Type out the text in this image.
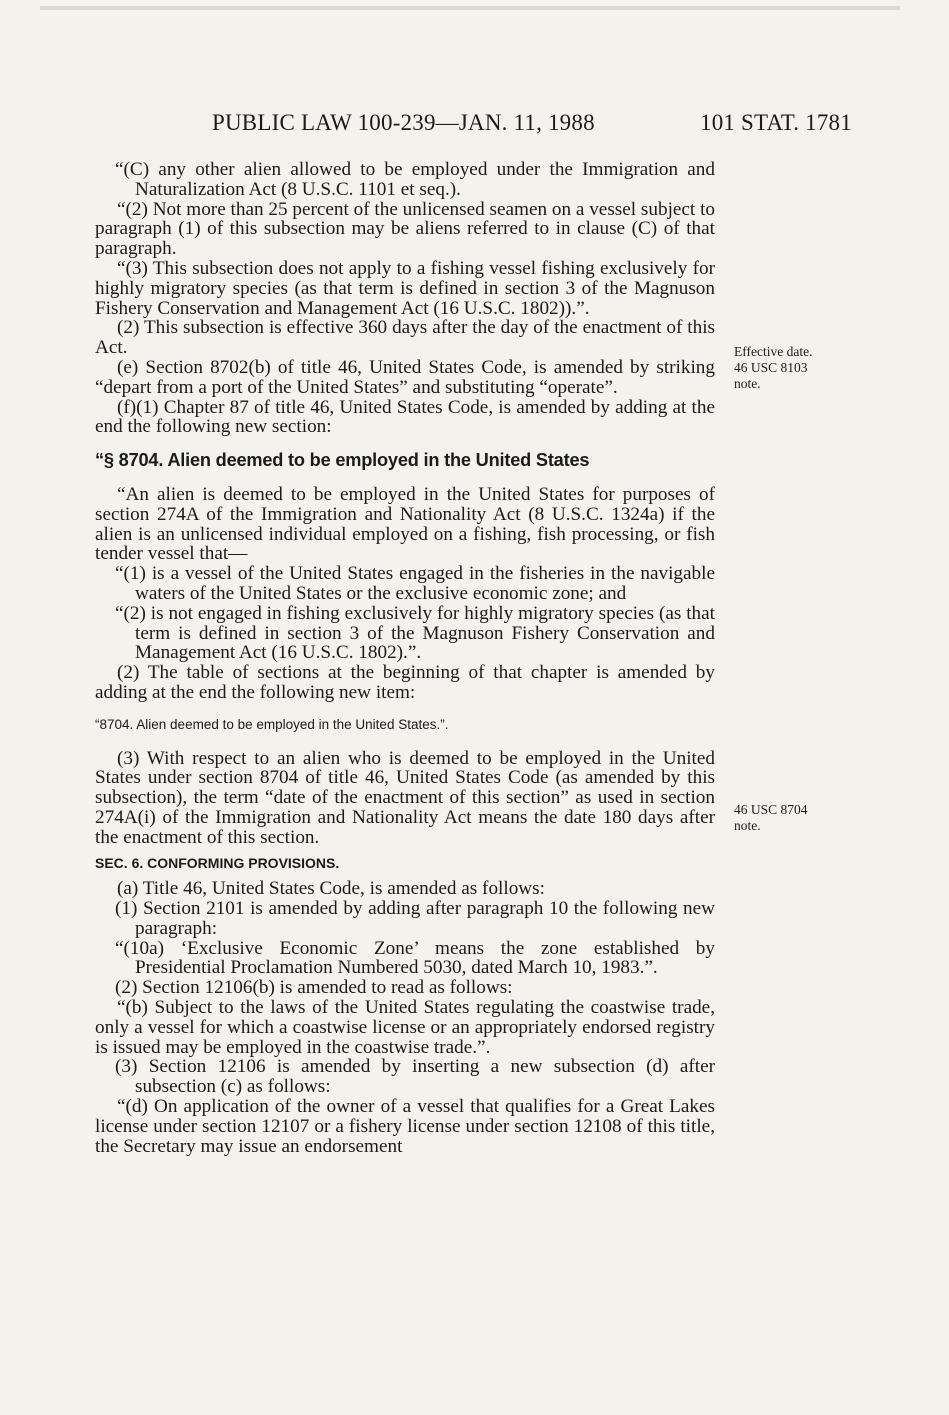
PUBLIC LAW 100-239—JAN. 11, 1988	101 STAT. 1781
Effective date.
46 USC 8103
note.
46 USC 8704
note.

“(C) any other alien allowed to be employed under the Immigration and Naturalization Act (8 U.S.C. 1101 et seq.).

“(2) Not more than 25 percent of the unlicensed seamen on a vessel subject to paragraph (1) of this subsection may be aliens referred to in clause (C) of that paragraph.

“(3) This subsection does not apply to a fishing vessel fishing exclusively for highly migratory species (as that term is defined in section 3 of the Magnuson Fishery Conservation and Management Act (16 U.S.C. 1802)).”.

(2) This subsection is effective 360 days after the day of the enactment of this Act.

(e) Section 8702(b) of title 46, United States Code, is amended by striking “depart from a port of the United States” and substituting “operate”.

(f)(1) Chapter 87 of title 46, United States Code, is amended by adding at the end the following new section:

“§ 8704. Alien deemed to be employed in the United States

“An alien is deemed to be employed in the United States for purposes of section 274A of the Immigration and Nationality Act (8 U.S.C. 1324a) if the alien is an unlicensed individual employed on a fishing, fish processing, or fish tender vessel that—

“(1) is a vessel of the United States engaged in the fisheries in the navigable waters of the United States or the exclusive economic zone; and

“(2) is not engaged in fishing exclusively for highly migratory species (as that term is defined in section 3 of the Magnuson Fishery Conservation and Management Act (16 U.S.C. 1802).”.

(2) The table of sections at the beginning of that chapter is amended by adding at the end the following new item:

“8704. Alien deemed to be employed in the United States.”.

(3) With respect to an alien who is deemed to be employed in the United States under section 8704 of title 46, United States Code (as amended by this subsection), the term “date of the enactment of this section” as used in section 274A(i) of the Immigration and Nationality Act means the date 180 days after the enactment of this section.

SEC. 6. CONFORMING PROVISIONS.

(a) Title 46, United States Code, is amended as follows:

(1) Section 2101 is amended by adding after paragraph 10 the following new paragraph:

“(10a) ‘Exclusive Economic Zone’ means the zone established by Presidential Proclamation Numbered 5030, dated March 10, 1983.”.

(2) Section 12106(b) is amended to read as follows:

“(b) Subject to the laws of the United States regulating the coastwise trade, only a vessel for which a coastwise license or an appropriately endorsed registry is issued may be employed in the coastwise trade.”.

(3) Section 12106 is amended by inserting a new subsection (d) after subsection (c) as follows:

“(d) On application of the owner of a vessel that qualifies for a Great Lakes license under section 12107 or a fishery license under section 12108 of this title, the Secretary may issue an endorsement
